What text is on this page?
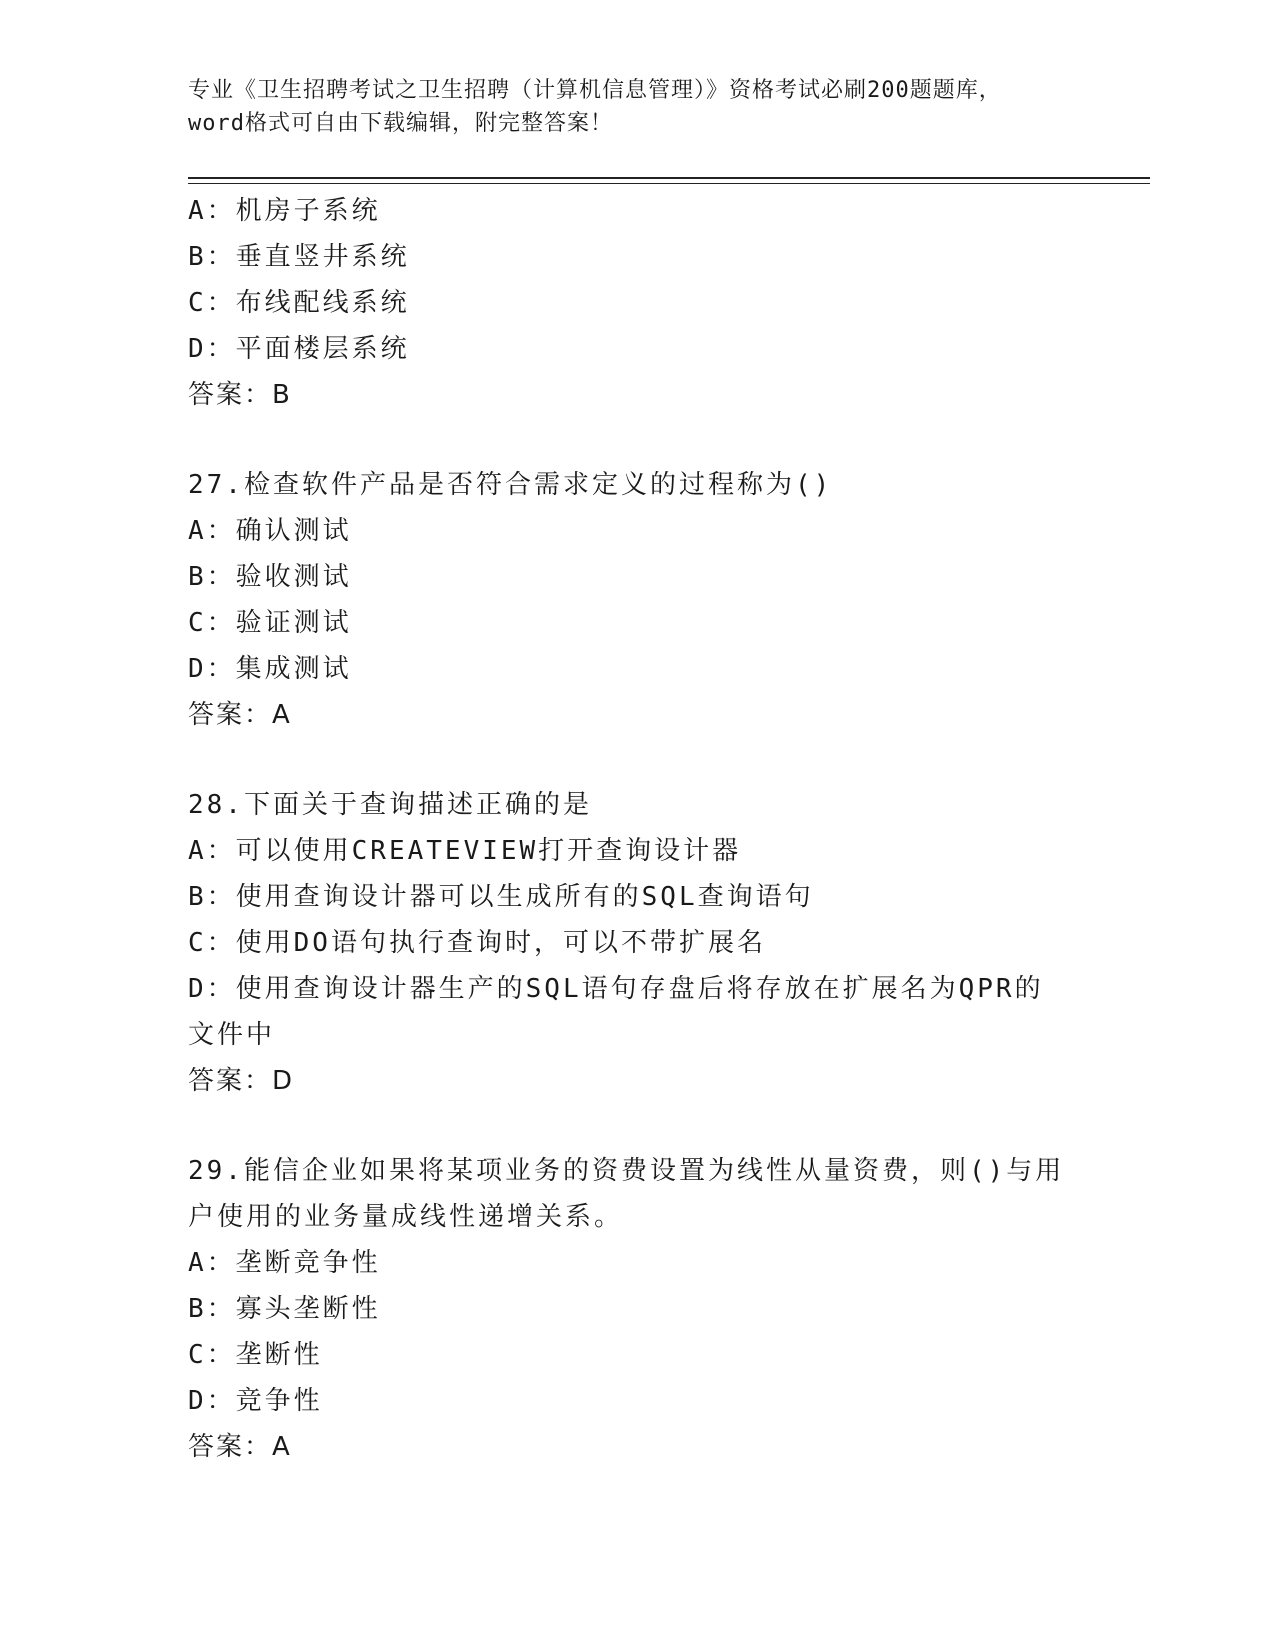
专业《卫生招聘考试之卫生招聘（计算机信息管理）》资格考试必刷200题题库，
word格式可自由下载编辑，附完整答案！
A：机房子系统
B：垂直竖井系统
C：布线配线系统
D：平面楼层系统
答案：B
27.检查软件产品是否符合需求定义的过程称为()
A：确认测试
B：验收测试
C：验证测试
D：集成测试
答案：A
28.下面关于查询描述正确的是
A：可以使用CREATEVIEW打开查询设计器
B：使用查询设计器可以生成所有的SQL查询语句
C：使用DO语句执行查询时，可以不带扩展名
D：使用查询设计器生产的SQL语句存盘后将存放在扩展名为QPR的文件中
答案：D
29.能信企业如果将某项业务的资费设置为线性从量资费，则()与用户使用的业务量成线性递增关系。
A：垄断竞争性
B：寡头垄断性
C：垄断性
D：竞争性
答案：A
